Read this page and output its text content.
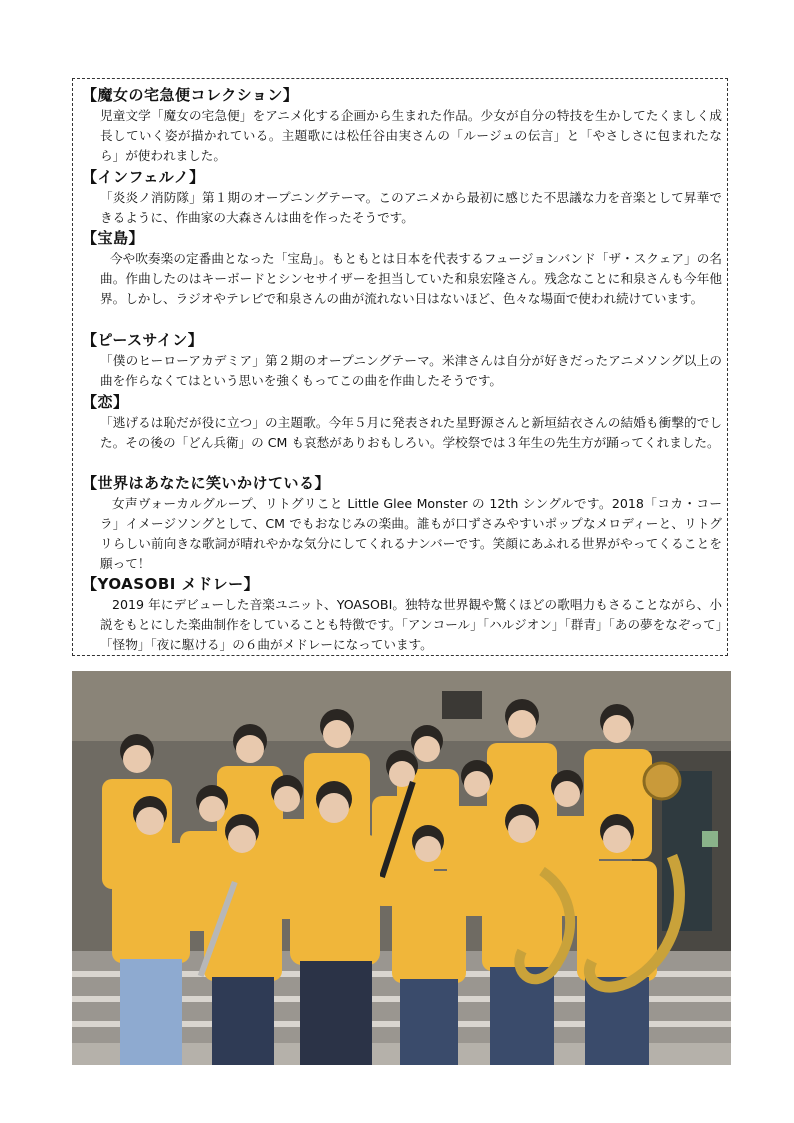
【魔女の宅急便コレクション】

児童文学「魔女の宅急便」をアニメ化する企画から生まれた作品。少女が自分の特技を生かしてたくましく成長していく姿が描かれている。主題歌には松任谷由実さんの「ルージュの伝言」と「やさしさに包まれたなら」が使われました。

【インフェルノ】

「炎炎ノ消防隊」第１期のオープニングテーマ。このアニメから最初に感じた不思議な力を音楽として昇華できるように、作曲家の大森さんは曲を作ったそうです。

【宝島】

今や吹奏楽の定番曲となった「宝島」。もともとは日本を代表するフュージョンバンド「ザ・スクェア」の名曲。作曲したのはキーボードとシンセサイザーを担当していた和泉宏隆さん。残念なことに和泉さんも今年他界。しかし、ラジオやテレビで和泉さんの曲が流れない日はないほど、色々な場面で使われ続けています。

【ピースサイン】

「僕のヒーローアカデミア」第２期のオープニングテーマ。米津さんは自分が好きだったアニメソング以上の曲を作らなくてはという思いを強くもってこの曲を作曲したそうです。

【恋】

「逃げるは恥だが役に立つ」の主題歌。今年５月に発表された星野源さんと新垣結衣さんの結婚も衝撃的でした。その後の「どん兵衛」の CM も哀愁がありおもしろい。学校祭では３年生の先生方が踊ってくれました。

【世界はあなたに笑いかけている】

女声ヴォーカルグループ、リトグリこと Little Glee Monster の 12th シングルです。2018「コカ・コーラ」イメージソングとして、CM でもおなじみの楽曲。誰もが口ずさみやすいポップなメロディーと、リトグリらしい前向きな歌詞が晴れやかな気分にしてくれるナンバーです。笑顔にあふれる世界がやってくることを願って！

【YOASOBI メドレー】

2019 年にデビューした音楽ユニット、YOASOBI。独特な世界観や驚くほどの歌唱力もさることながら、小説をもとにした楽曲制作をしていることも特徴です。「アンコール」「ハルジオン」「群青」「あの夢をなぞって」「怪物」「夜に駆ける」の６曲がメドレーになっています。
